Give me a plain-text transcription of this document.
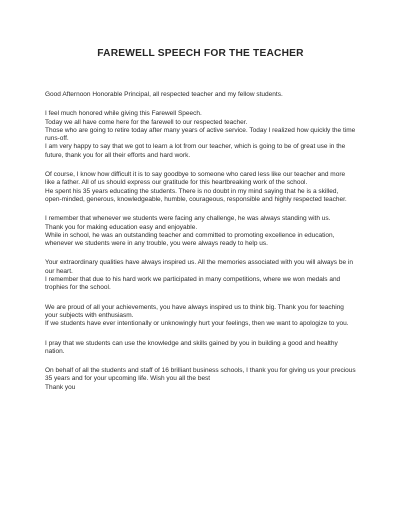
FAREWELL SPEECH FOR THE TEACHER

Good Afternoon Honorable Principal, all respected teacher and my fellow students.

I feel much honored while giving this Farewell Speech.
Today we all have come here for the farewell to our respected teacher.
Those who are going to retire today after many years of active service. Today I realized how quickly the time runs-off.
I am very happy to say that we got to learn a lot from our teacher, which is going to be of great use in the future, thank you for all their efforts and hard work.

Of course, I know how difficult it is to say goodbye to someone who cared less like our teacher and more like a father. All of us should express our gratitude for this heartbreaking work of the school.
He spent his 35 years educating the students. There is no doubt in my mind saying that he is a skilled, open-minded, generous, knowledgeable, humble, courageous, responsible and highly respected teacher.

I remember that whenever we students were facing any challenge, he was always standing with us.
Thank you for making education easy and enjoyable.
While in school, he was an outstanding teacher and committed to promoting excellence in education, whenever we students were in any trouble, you were always ready to help us.

Your extraordinary qualities have always inspired us. All the memories associated with you will always be in our heart.
I remember that due to his hard work we participated in many competitions, where we won medals and trophies for the school.

We are proud of all your achievements, you have always inspired us to think big. Thank you for teaching your subjects with enthusiasm.
If we students have ever intentionally or unknowingly hurt your feelings, then we want to apologize to you.

I pray that we students can use the knowledge and skills gained by you in building a good and healthy nation.

On behalf of all the students and staff of 16 brilliant business schools, I thank you for giving us your precious 35 years and for your upcoming life. Wish you all the best
Thank you
